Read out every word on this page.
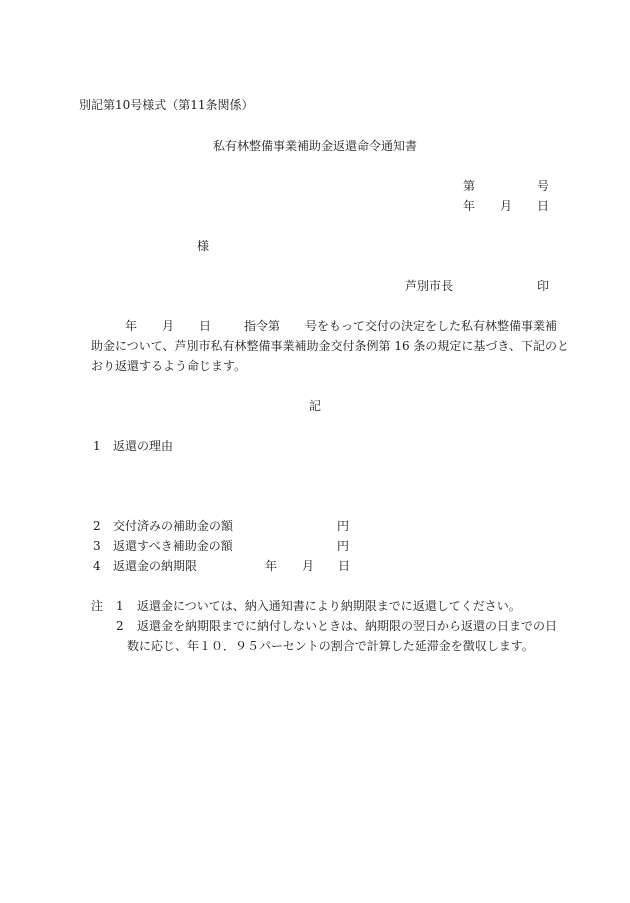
別記第10号様式（第11条関係）
私有林整備事業補助金返還命令通知書
第	号
年 月 日
様
芦別市長	印
年 月 日	指令第 号をもって交付の決定をした私有林整備事業補
助金について、芦別市私有林整備事業補助金交付条例第 16 条の規定に基づき、下記のと
おり返還するよう命じます。
記
1 返還の理由
2 交付済みの補助金の額	円
3 返還すべき補助金の額	円
4 返還金の納期限	年 月 日
注 1 返還金については、納入通知書により納期限までに返還してください。
2 返還金を納期限までに納付しないときは、納期限の翌日から返還の日までの日
数に応じ、年１０．９５パーセントの割合で計算した延滞金を徴収します。
